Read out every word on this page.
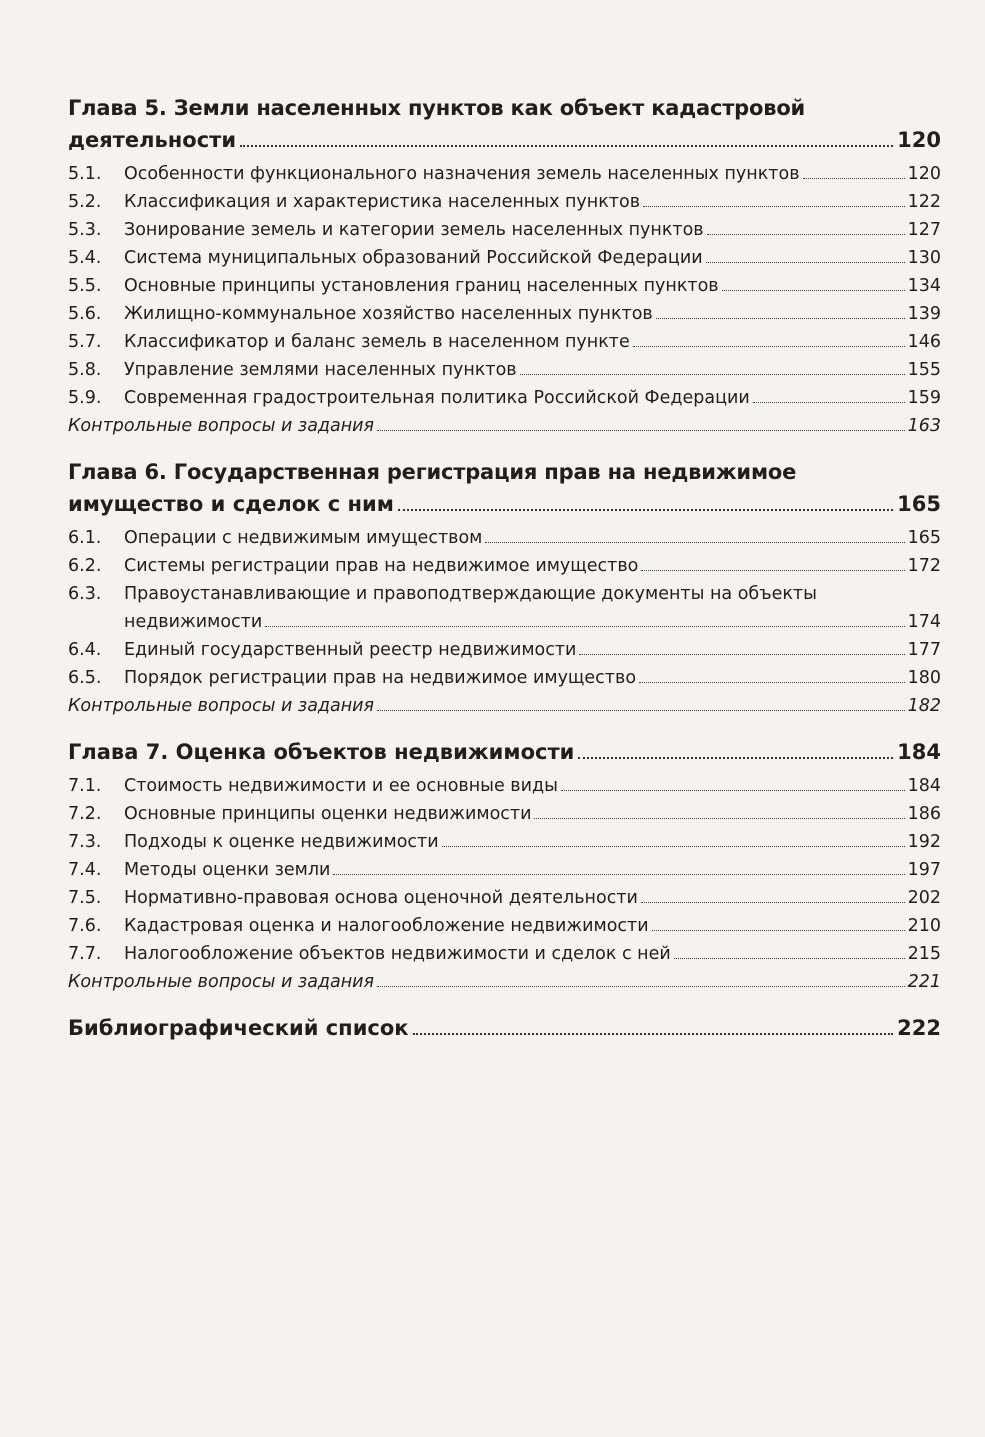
Глава 5. Земли населенных пунктов как объект кадастровой
деятельности	120
5.1.	Особенности функционального назначения земель населенных пунктов	120
5.2.	Классификация и характеристика населенных пунктов	122
5.3.	Зонирование земель и категории земель населенных пунктов	127
5.4.	Система муниципальных образований Российской Федерации	130
5.5.	Основные принципы установления границ населенных пунктов	134
5.6.	Жилищно-коммунальное хозяйство населенных пунктов	139
5.7.	Классификатор и баланс земель в населенном пункте	146
5.8.	Управление землями населенных пунктов	155
5.9.	Современная градостроительная политика Российской Федерации	159
Контрольные вопросы и задания	163
Глава 6. Государственная регистрация прав на недвижимое
имущество и сделок с ним	165
6.1.	Операции с недвижимым имуществом	165
6.2.	Системы регистрации прав на недвижимое имущество	172
6.3.	Правоустанавливающие и правоподтверждающие документы на объекты
недвижимости	174
6.4.	Единый государственный реестр недвижимости	177
6.5.	Порядок регистрации прав на недвижимое имущество	180
Контрольные вопросы и задания	182
Глава 7. Оценка объектов недвижимости	184
7.1.	Стоимость недвижимости и ее основные виды	184
7.2.	Основные принципы оценки недвижимости	186
7.3.	Подходы к оценке недвижимости	192
7.4.	Методы оценки земли	197
7.5.	Нормативно-правовая основа оценочной деятельности	202
7.6.	Кадастровая оценка и налогообложение недвижимости	210
7.7.	Налогообложение объектов недвижимости и сделок с ней	215
Контрольные вопросы и задания	221
Библиографический список	222
